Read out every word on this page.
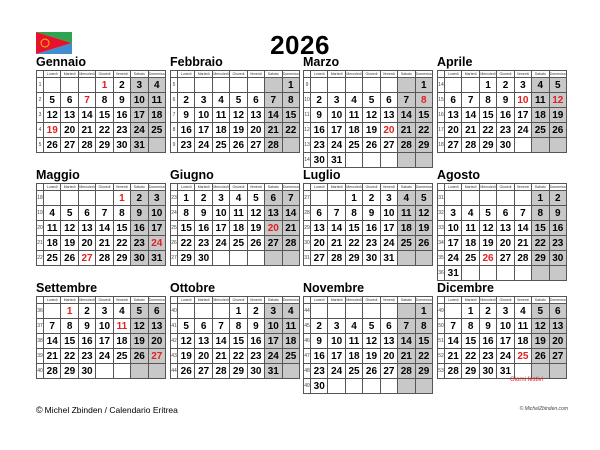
2026
Gennaio
	Lunedì	Martedì	Mercoledì	Giovedì	Venerdì	Sabato	Domenica
1				1	2	3	4
2	5	6	7	8	9	10	11
3	12	13	14	15	16	17	18
4	19	20	21	22	23	24	25
5	26	27	28	29	30	31	
Febbraio
	Lunedì	Martedì	Mercoledì	Giovedì	Venerdì	Sabato	Domenica
5							1
6	2	3	4	5	6	7	8
7	9	10	11	12	13	14	15
8	16	17	18	19	20	21	22
9	23	24	25	26	27	28	
Marzo
	Lunedì	Martedì	Mercoledì	Giovedì	Venerdì	Sabato	Domenica
9							1
10	2	3	4	5	6	7	8
11	9	10	11	12	13	14	15
12	16	17	18	19	20	21	22
13	23	24	25	26	27	28	29
14	30	31					
Aprile
	Lunedì	Martedì	Mercoledì	Giovedì	Venerdì	Sabato	Domenica
14			1	2	3	4	5
15	6	7	8	9	10	11	12
16	13	14	15	16	17	18	19
17	20	21	22	23	24	25	26
18	27	28	29	30			
Maggio
	Lunedì	Martedì	Mercoledì	Giovedì	Venerdì	Sabato	Domenica
18					1	2	3
19	4	5	6	7	8	9	10
20	11	12	13	14	15	16	17
21	18	19	20	21	22	23	24
22	25	26	27	28	29	30	31
Giugno
	Lunedì	Martedì	Mercoledì	Giovedì	Venerdì	Sabato	Domenica
23	1	2	3	4	5	6	7
24	8	9	10	11	12	13	14
25	15	16	17	18	19	20	21
26	22	23	24	25	26	27	28
27	29	30					
Luglio
	Lunedì	Martedì	Mercoledì	Giovedì	Venerdì	Sabato	Domenica
27			1	2	3	4	5
28	6	7	8	9	10	11	12
29	13	14	15	16	17	18	19
30	20	21	22	23	24	25	26
31	27	28	29	30	31		
Agosto
	Lunedì	Martedì	Mercoledì	Giovedì	Venerdì	Sabato	Domenica
31						1	2
32	3	4	5	6	7	8	9
33	10	11	12	13	14	15	16
34	17	18	19	20	21	22	23
35	24	25	26	27	28	29	30
36	31						
Settembre
	Lunedì	Martedì	Mercoledì	Giovedì	Venerdì	Sabato	Domenica
36		1	2	3	4	5	6
37	7	8	9	10	11	12	13
38	14	15	16	17	18	19	20
39	21	22	23	24	25	26	27
40	28	29	30				
Ottobre
	Lunedì	Martedì	Mercoledì	Giovedì	Venerdì	Sabato	Domenica
40				1	2	3	4
41	5	6	7	8	9	10	11
42	12	13	14	15	16	17	18
43	19	20	21	22	23	24	25
44	26	27	28	29	30	31	
Novembre
	Lunedì	Martedì	Mercoledì	Giovedì	Venerdì	Sabato	Domenica
44							1
45	2	3	4	5	6	7	8
46	9	10	11	12	13	14	15
47	16	17	18	19	20	21	22
48	23	24	25	26	27	28	29
49	30						
Dicembre
	Lunedì	Martedì	Mercoledì	Giovedì	Venerdì	Sabato	Domenica
49		1	2	3	4	5	6
50	7	8	9	10	11	12	13
51	14	15	16	17	18	19	20
52	21	22	23	24	25	26	27
53	28	29	30	31			
Giorni festivi
© Michel Zbinden / Calendario Eritrea	© MichelZbinden.com
